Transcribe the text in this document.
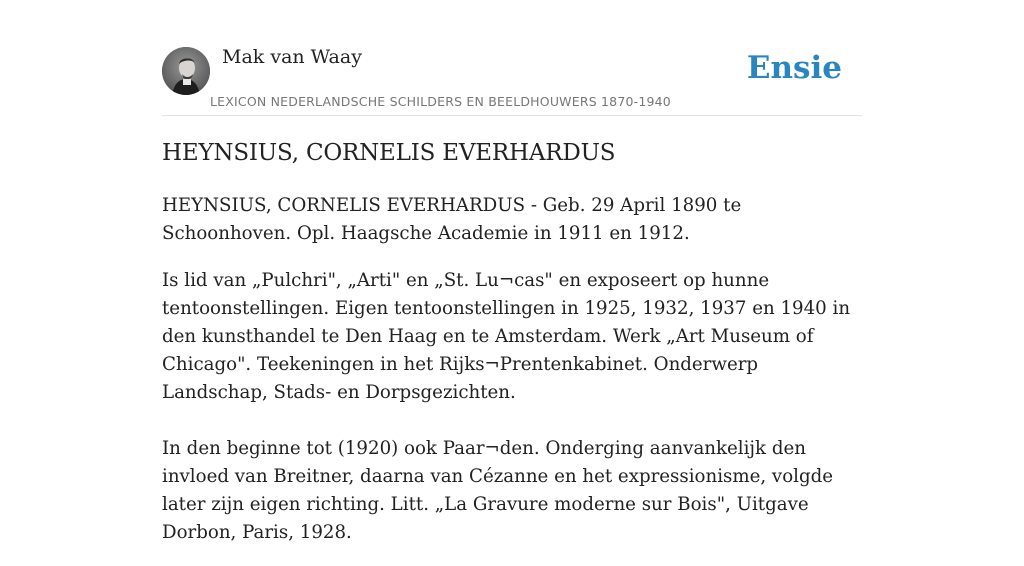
Mak van Waay
LEXICON NEDERLANDSCHE SCHILDERS EN BEELDHOUWERS 1870-1940
Ensie
HEYNSIUS, CORNELIS EVERHARDUS

HEYNSIUS, CORNELIS EVERHARDUS - Geb. 29 April 1890 te Schoonhoven. Opl. Haagsche Academie in 1911 en 1912.

Is lid van „Pulchri", „Arti" en „St. Lu¬cas" en exposeert op hunne tentoonstellingen. Eigen tentoonstellingen in 1925, 1932, 1937 en 1940 in den kunsthandel te Den Haag en te Amsterdam. Werk „Art Museum of Chicago". Teekeningen in het Rijks¬Prentenkabinet. Onderwerp Landschap, Stads- en Dorpsgezichten.

In den beginne tot (1920) ook Paar¬den. Onderging aanvankelijk den invloed van Breitner, daarna van Cézanne en het expressionisme, volgde later zijn eigen richting. Litt. „La Gravure moderne sur Bois", Uitgave Dorbon, Paris, 1928.
